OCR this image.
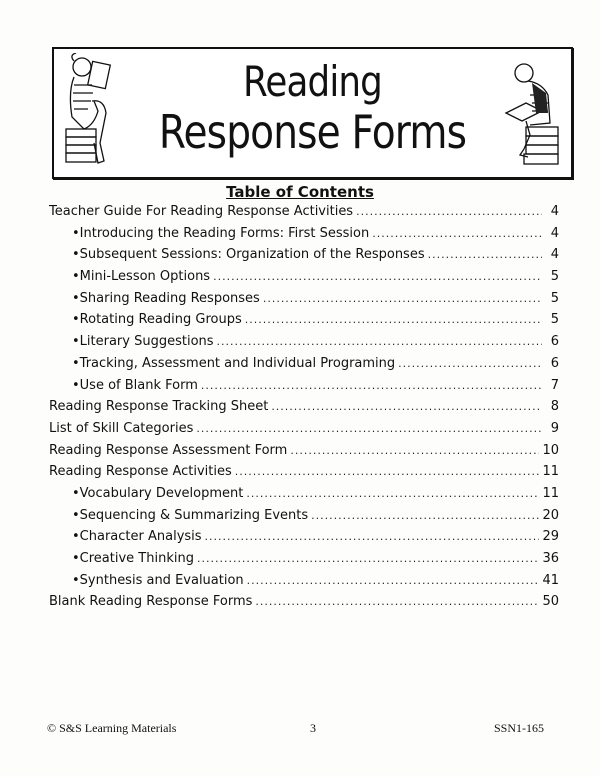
Reading
Response Forms
Table of Contents
Teacher Guide For Reading Response Activities .....	4
•Introducing the Reading Forms: First Session .....	4
•Subsequent Sessions: Organization of the Responses .....	4
•Mini-Lesson Options .....	5
•Sharing Reading Responses .....	5
•Rotating Reading Groups .....	5
•Literary Suggestions .....	6
•Tracking, Assessment and Individual Programing .....	6
•Use of Blank Form .....	7
Reading Response Tracking Sheet .....	8
List of Skill Categories .....	9
Reading Response Assessment Form .....	10
Reading Response Activities .....	11
•Vocabulary Development .....	11
•Sequencing & Summarizing Events .....	20
•Character Analysis .....	29
•Creative Thinking .....	36
•Synthesis and Evaluation .....	41
Blank Reading Response Forms .....	50
© S&S Learning Materials	3	SSN1-165
